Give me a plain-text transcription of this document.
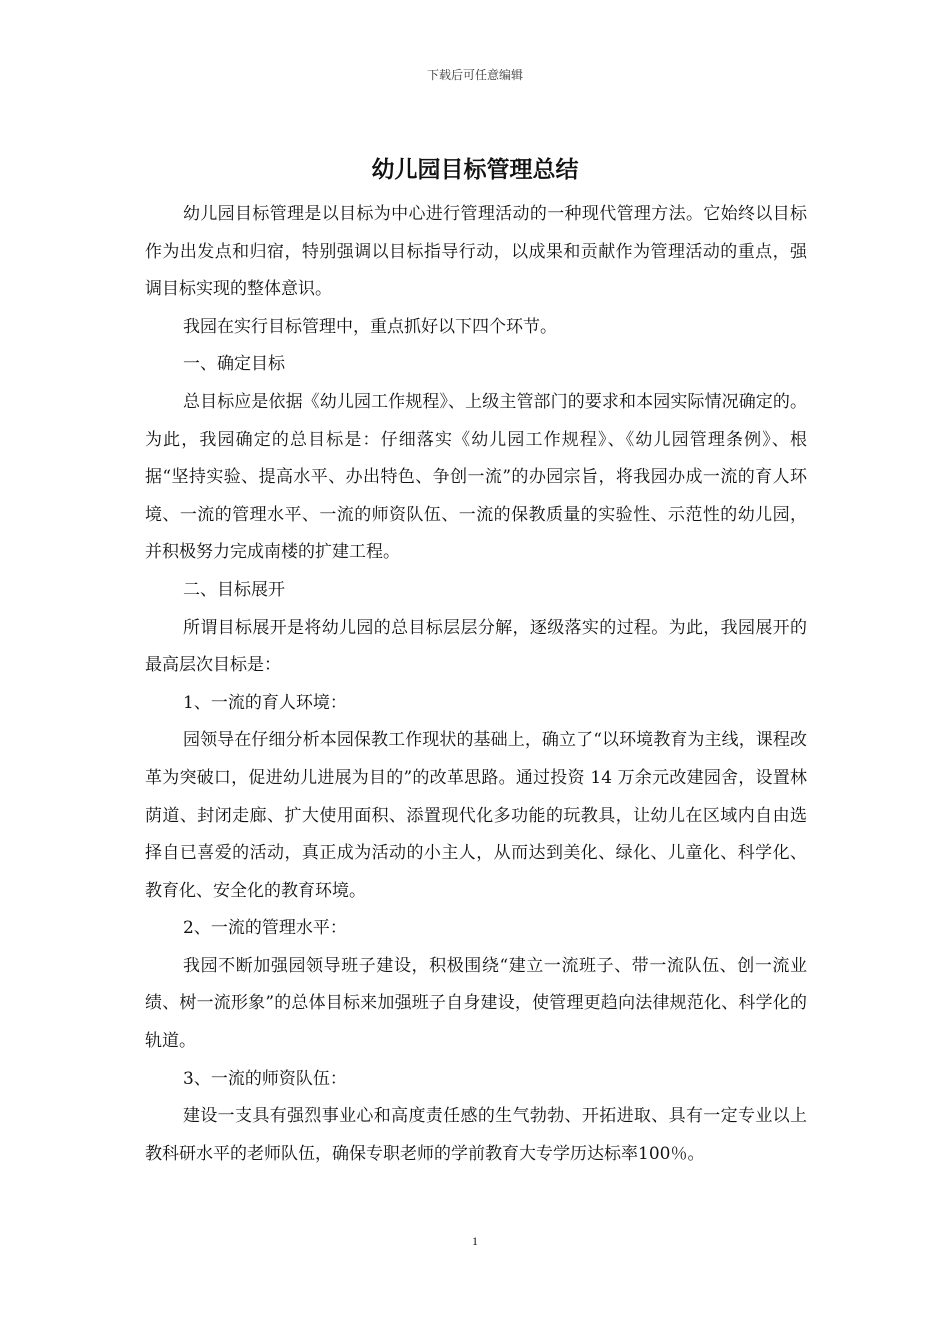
下载后可任意编辑
幼儿园目标管理总结

幼儿园目标管理是以目标为中心进行管理活动的一种现代管理方法。它始终以目标作为出发点和归宿，特别强调以目标指导行动，以成果和贡献作为管理活动的重点，强调目标实现的整体意识。

我园在实行目标管理中，重点抓好以下四个环节。

一、确定目标

总目标应是依据《幼儿园工作规程》、上级主管部门的要求和本园实际情况确定的。为此，我园确定的总目标是：仔细落实《幼儿园工作规程》、《幼儿园管理条例》、根据“坚持实验、提高水平、办出特色、争创一流”的办园宗旨，将我园办成一流的育人环境、一流的管理水平、一流的师资队伍、一流的保教质量的实验性、示范性的幼儿园，并积极努力完成南楼的扩建工程。

二、目标展开

所谓目标展开是将幼儿园的总目标层层分解，逐级落实的过程。为此，我园展开的最高层次目标是：

1、一流的育人环境：

园领导在仔细分析本园保教工作现状的基础上，确立了“以环境教育为主线，课程改革为突破口，促进幼儿进展为目的”的改革思路。通过投资 14 万余元改建园舍，设置林荫道、封闭走廊、扩大使用面积、添置现代化多功能的玩教具，让幼儿在区域内自由选择自已喜爱的活动，真正成为活动的小主人，从而达到美化、绿化、儿童化、科学化、教育化、安全化的教育环境。

2、一流的管理水平：

我园不断加强园领导班子建设，积极围绕“建立一流班子、带一流队伍、创一流业绩、树一流形象”的总体目标来加强班子自身建设，使管理更趋向法律规范化、科学化的轨道。

3、一流的师资队伍：

建设一支具有强烈事业心和高度责任感的生气勃勃、开拓进取、具有一定专业以上教科研水平的老师队伍，确保专职老师的学前教育大专学历达标率100％。

1
